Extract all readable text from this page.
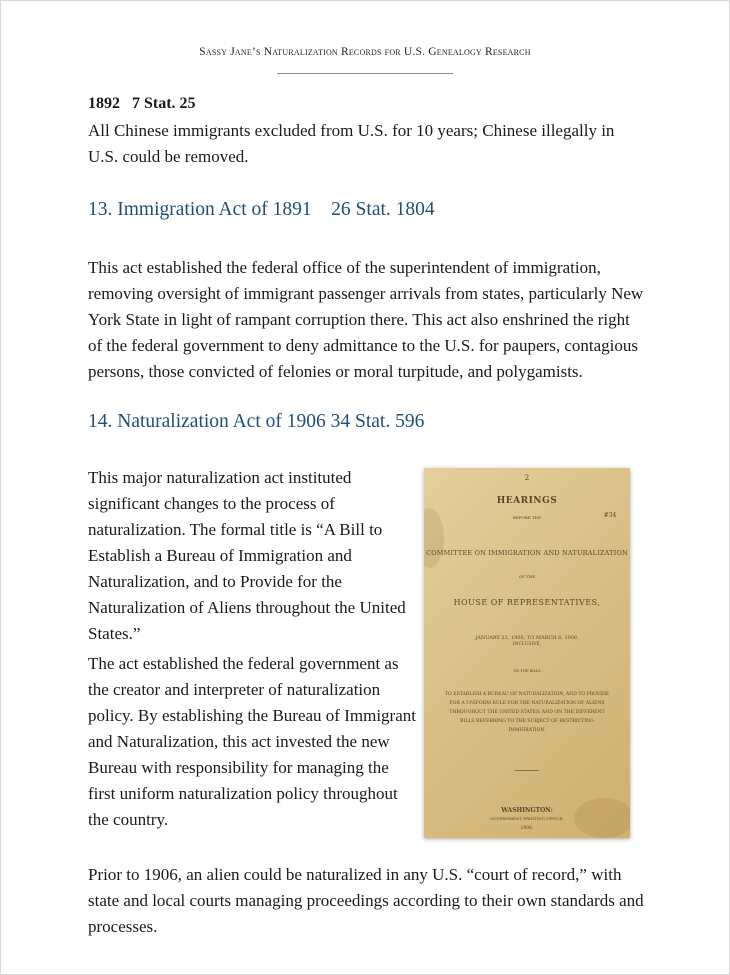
Sassy Jane’s Naturalization Records for U.S. Genealogy Research
1892   7 Stat. 25

All Chinese immigrants excluded from U.S. for 10 years; Chinese illegally in U.S. could be removed.

13. Immigration Act of 1891    26 Stat. 1804

This act established the federal office of the superintendent of immigration, removing oversight of immigrant passenger arrivals from states, particularly New York State in light of rampant corruption there. This act also enshrined the right of the federal government to deny admittance to the U.S. for paupers, contagious persons, those convicted of felonies or moral turpitude, and polygamists.

14. Naturalization Act of 1906 34 Stat. 596

This major naturalization act instituted significant changes to the process of naturalization. The formal title is “A Bill to Establish a Bureau of Immigration and Naturalization, and to Provide for the Naturalization of Aliens throughout the United States.”

The act established the federal government as the creator and interpreter of naturalization policy. By establishing the Bureau of Immigrant and Naturalization, this act invested the new Bureau with responsibility for managing the first uniform naturalization policy throughout the country.

2
HEARINGS
BEFORE THE	#34
COMMITTEE ON IMMIGRATION AND NATURALIZATION
OF THE
HOUSE OF REPRESENTATIVES,
JANUARY 23, 1906, TO MARCH 6, 1906,
INCLUSIVE,
ON THE BILLS
TO ESTABLISH A BUREAU OF NATURALIZATION, AND TO PROVIDE FOR A UNIFORM RULE FOR THE NATURALIZATION OF ALIENS THROUGHOUT THE UNITED STATES, AND ON THE DIFFERENT BILLS REFERRING TO THE SUBJECT OF RESTRICTING IMMIGRATION.
WASHINGTON:
GOVERNMENT PRINTING OFFICE.
1906.

Prior to 1906, an alien could be naturalized in any U.S. “court of record,” with state and local courts managing proceedings according to their own standards and processes.
